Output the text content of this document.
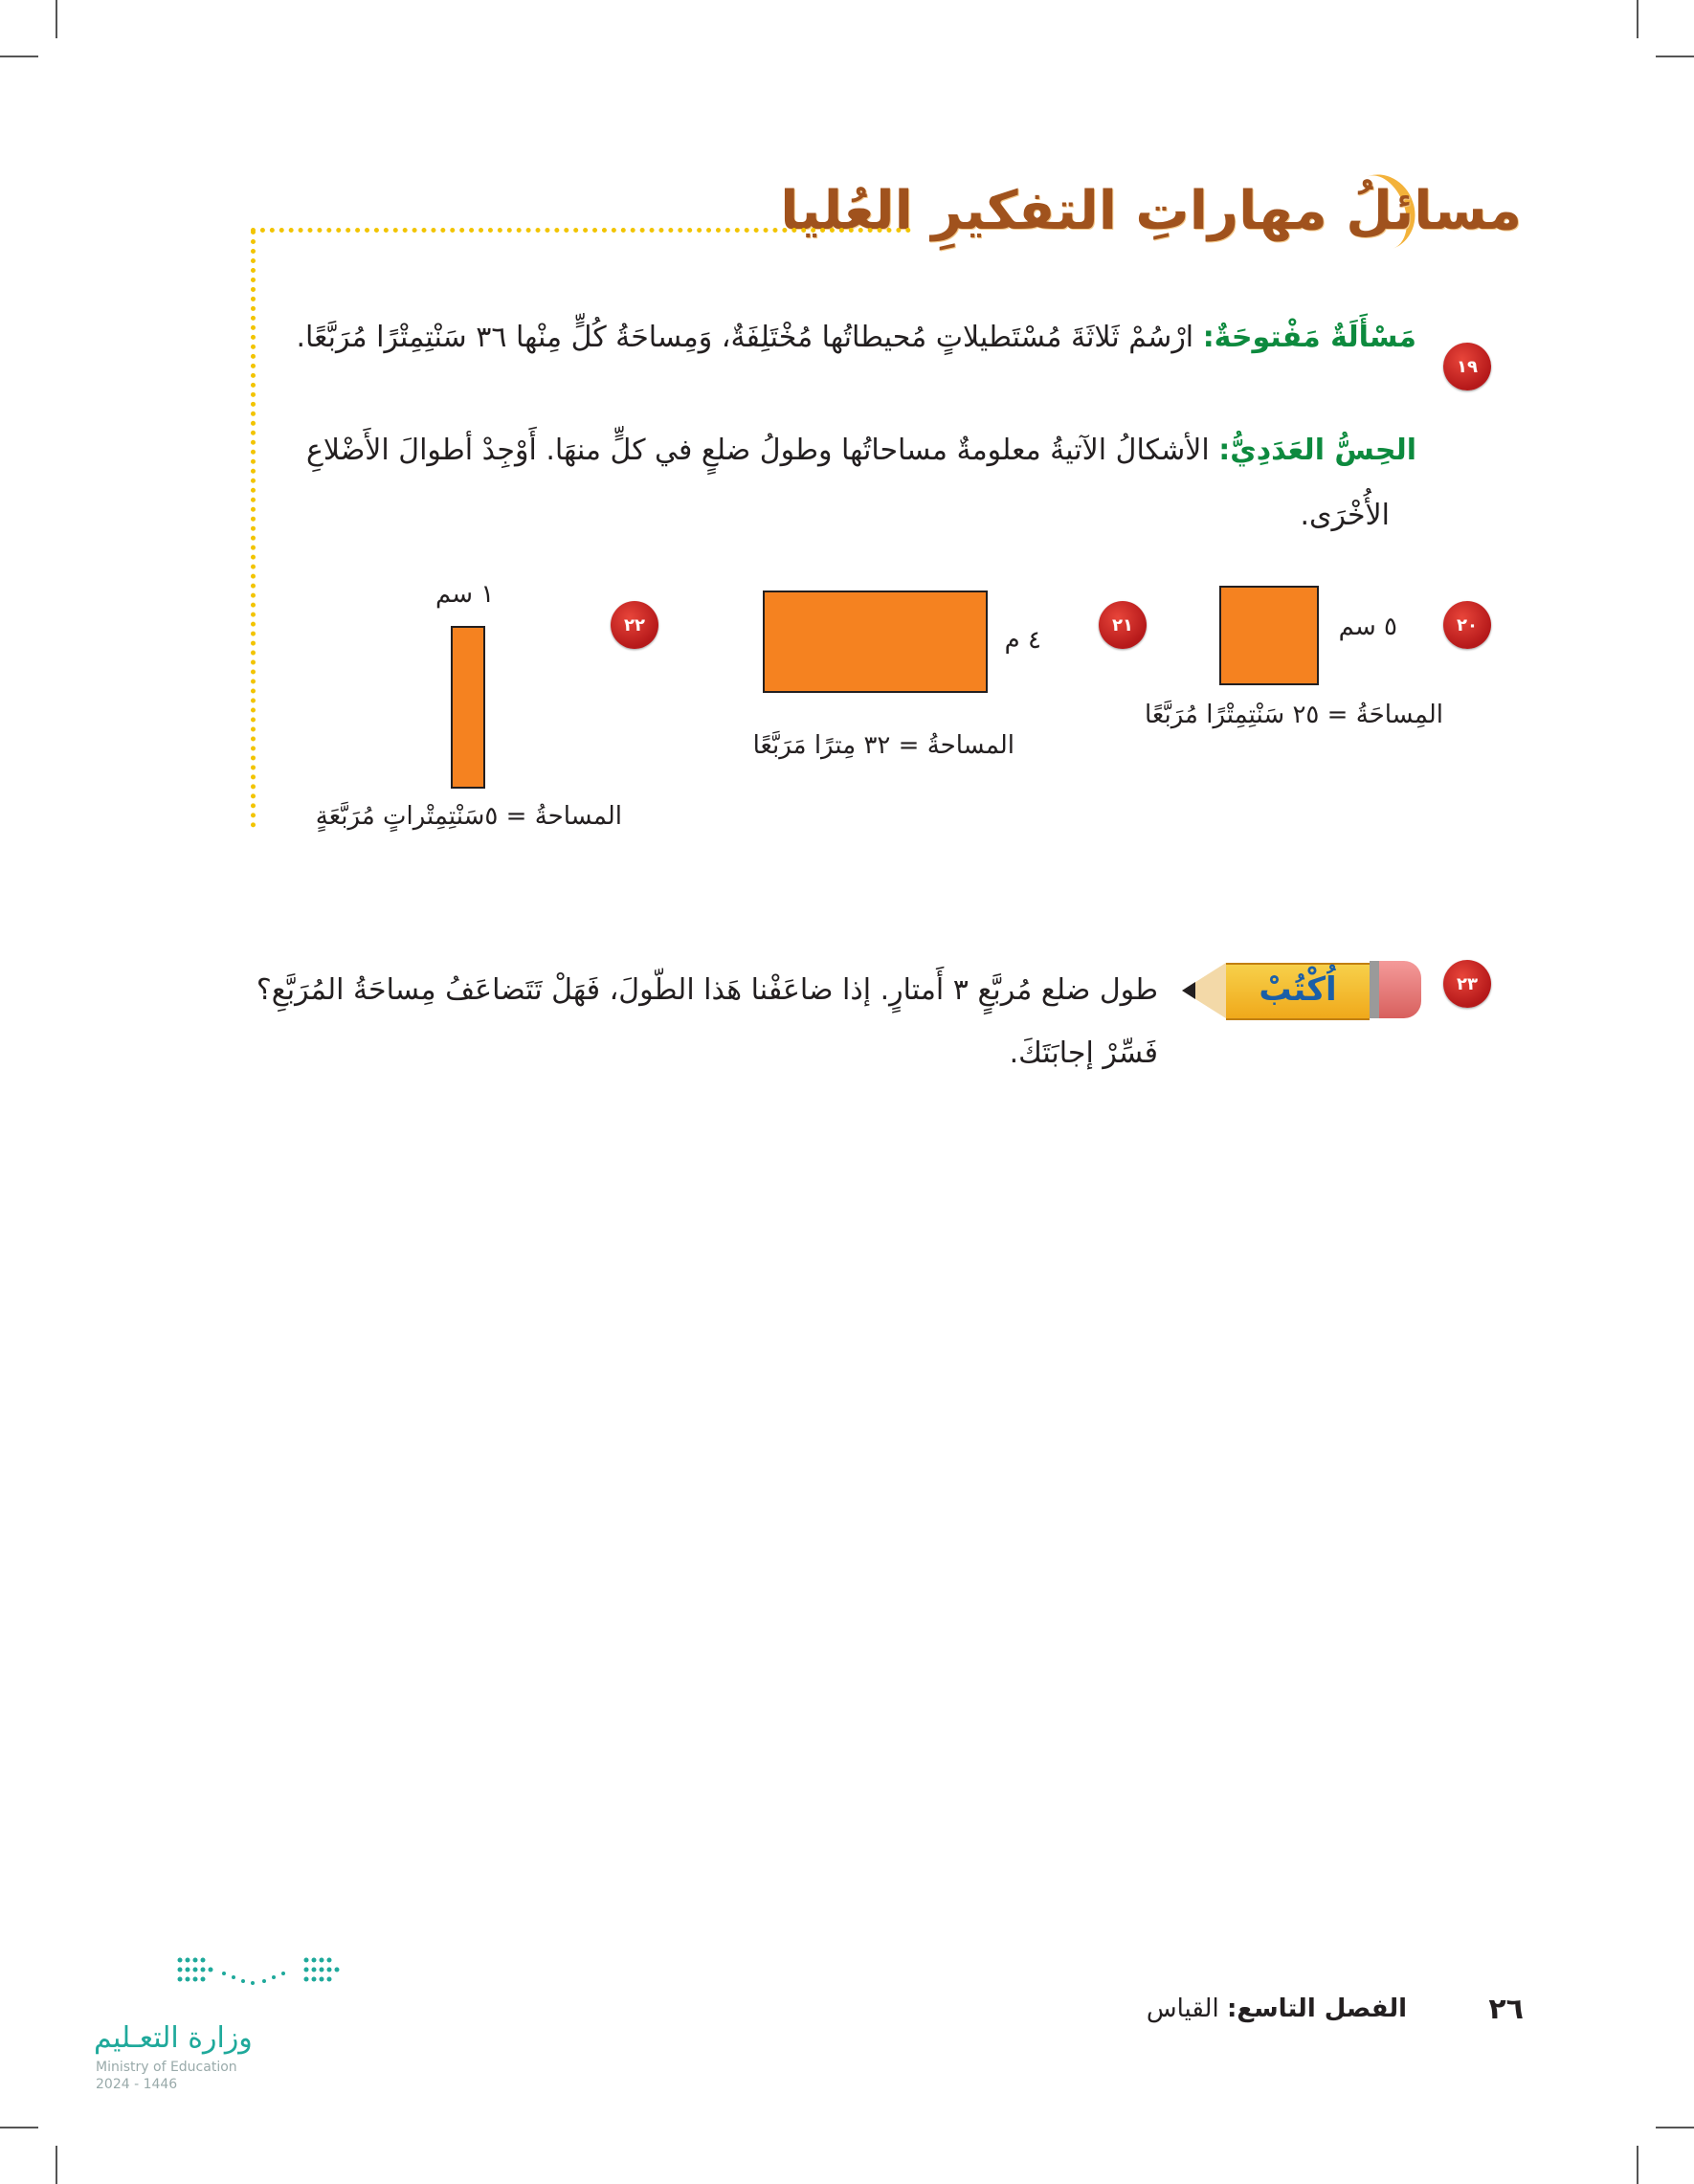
مسائلُ مهاراتِ التفكيرِ العُليا
١٩
مَسْأَلَةٌ مَفْتوحَةٌ: ارْسُمْ ثَلاثَةَ مُسْتَطيلاتٍ مُحيطاتُها مُخْتَلِفَةٌ، وَمِساحَةُ كُلٍّ مِنْها ٣٦ سَنْتِمِتْرًا مُرَبَّعًا.
الحِسُّ العَدَدِيُّ: الأشكالُ الآتيةُ معلومةٌ مساحاتُها وطولُ ضلعٍ في كلٍّ منهَا. أَوْجِدْ أطوالَ الأَضْلاعِ
الأُخْرَى.
٢٠
٥ سم
المِساحَةُ = ٢٥ سَنْتِمِتْرًا مُرَبَّعًا
٢١
٤ م
المساحةُ = ٣٢ مِترًا مَرَبَّعًا
٢٢
١ سم
المساحةُ = ٥سَنْتِمِتْراتٍ مُرَبَّعَةٍ
٢٣
اُكْتُبْ
طول ضلع مُربَّعٍ ٣ أَمتارٍ. إذا ضاعَفْنا هَذا الطّولَ، فَهَلْ تَتَضاعَفُ مِساحَةُ المُرَبَّعِ؟
فَسِّرْ إجابَتَكَ.
وزارة التعـليم
Ministry of Education
2024 - 1446
٢٦
الفصل التاسع: القياس
